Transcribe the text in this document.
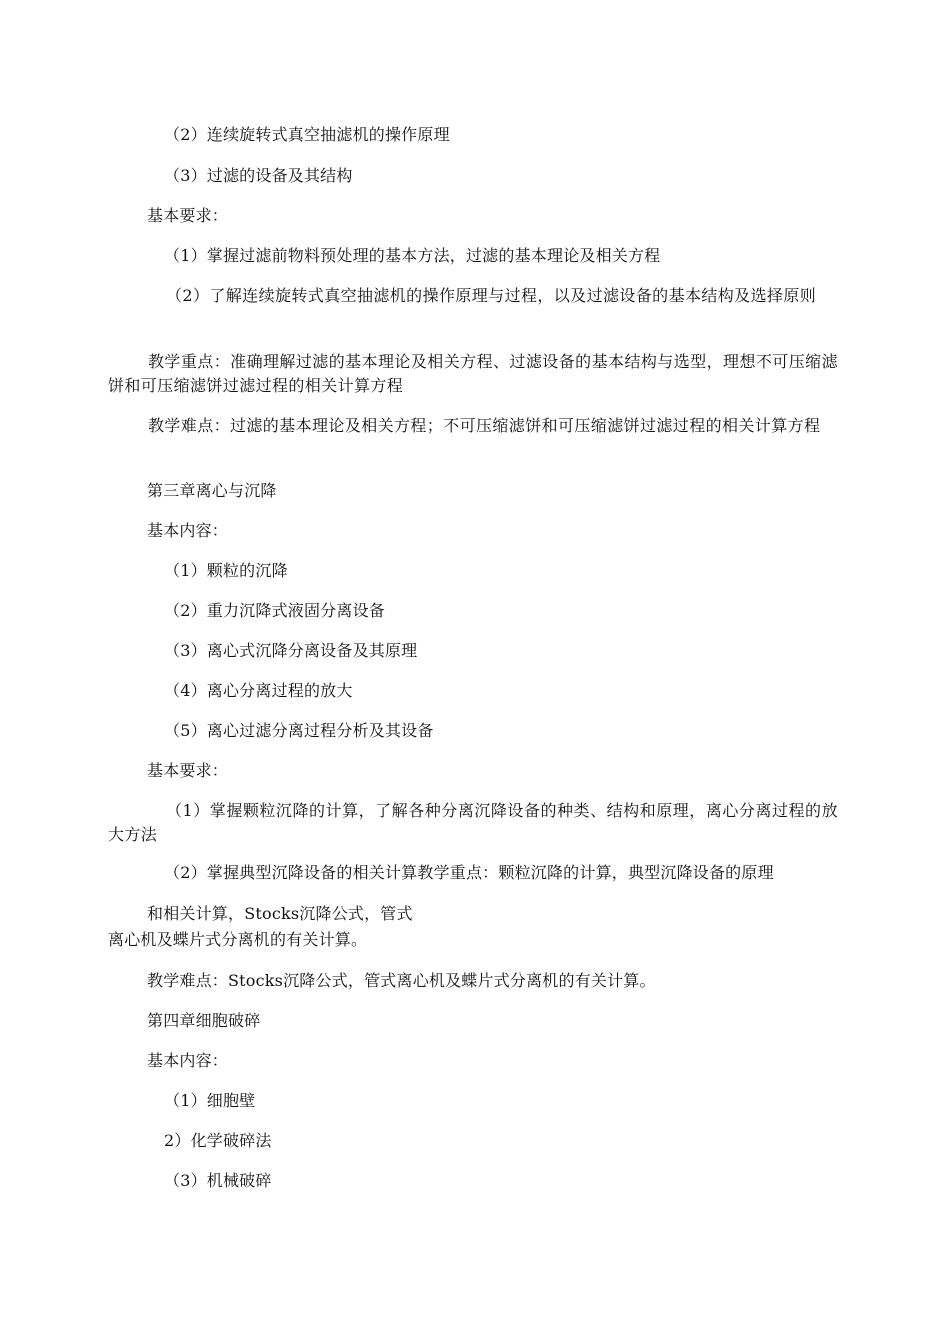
（2）连续旋转式真空抽滤机的操作原理
（3）过滤的设备及其结构
基本要求：
（1）掌握过滤前物料预处理的基本方法，过滤的基本理论及相关方程
（2）了解连续旋转式真空抽滤机的操作原理与过程，以及过滤设备的基本结构及选择原则
教学重点：准确理解过滤的基本理论及相关方程、过滤设备的基本结构与选型，理想不可压缩滤饼和可压缩滤饼过滤过程的相关计算方程
教学难点：过滤的基本理论及相关方程；不可压缩滤饼和可压缩滤饼过滤过程的相关计算方程
第三章离心与沉降
基本内容：
（1）颗粒的沉降
（2）重力沉降式液固分离设备
（3）离心式沉降分离设备及其原理
（4）离心分离过程的放大
（5）离心过滤分离过程分析及其设备
基本要求：
（1）掌握颗粒沉降的计算，了解各种分离沉降设备的种类、结构和原理，离心分离过程的放大方法
（2）掌握典型沉降设备的相关计算教学重点：颗粒沉降的计算，典型沉降设备的原理
和相关计算，Stocks沉降公式，管式
离心机及蝶片式分离机的有关计算。
教学难点：Stocks沉降公式，管式离心机及蝶片式分离机的有关计算。
第四章细胞破碎
基本内容：
（1）细胞壁
2）化学破碎法
（3）机械破碎
